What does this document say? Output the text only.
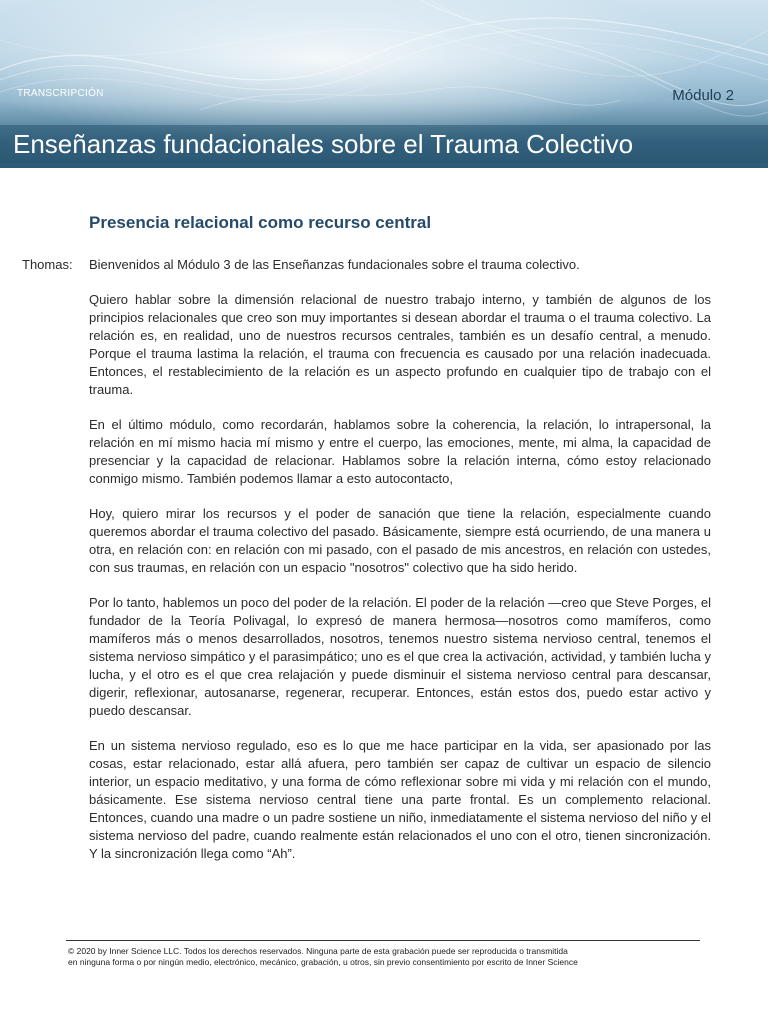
TRANSCRIPCIÓN	Módulo 2
Enseñanzas fundacionales sobre el Trauma Colectivo
Presencia relacional como recurso central
Thomas: Bienvenidos al Módulo 3 de las Enseñanzas fundacionales sobre el trauma colectivo.

Quiero hablar sobre la dimensión relacional de nuestro trabajo interno, y también de algunos de los principios relacionales que creo son muy importantes si desean abordar el trauma o el trauma colectivo. La relación es, en realidad, uno de nuestros recursos centrales, también es un desafío central, a menudo. Porque el trauma lastima la relación, el trauma con frecuencia es causado por una relación inadecuada. Entonces, el restablecimiento de la relación es un aspecto profundo en cualquier tipo de trabajo con el trauma.

En el último módulo, como recordarán, hablamos sobre la coherencia, la relación, lo intrapersonal, la relación en mí mismo hacia mí mismo y entre el cuerpo, las emociones, mente, mi alma, la capacidad de presenciar y la capacidad de relacionar. Hablamos sobre la relación interna, cómo estoy relacionado conmigo mismo. También podemos llamar a esto autocontacto,

Hoy, quiero mirar los recursos y el poder de sanación que tiene la relación, especialmente cuando queremos abordar el trauma colectivo del pasado. Básicamente, siempre está ocurriendo, de una manera u otra, en relación con: en relación con mi pasado, con el pasado de mis ancestros, en relación con ustedes, con sus traumas, en relación con un espacio "nosotros" colectivo que ha sido herido.

Por lo tanto, hablemos un poco del poder de la relación. El poder de la relación —creo que Steve Porges, el fundador de la Teoría Polivagal, lo expresó de manera hermosa—nosotros como mamíferos, como mamíferos más o menos desarrollados, nosotros, tenemos nuestro sistema nervioso central, tenemos el sistema nervioso simpático y el parasimpático; uno es el que crea la activación, actividad, y también lucha y lucha, y el otro es el que crea relajación y puede disminuir el sistema nervioso central para descansar, digerir, reflexionar, autosanarse, regenerar, recuperar. Entonces, están estos dos, puedo estar activo y puedo descansar.

En un sistema nervioso regulado, eso es lo que me hace participar en la vida, ser apasionado por las cosas, estar relacionado, estar allá afuera, pero también ser capaz de cultivar un espacio de silencio interior, un espacio meditativo, y una forma de cómo reflexionar sobre mi vida y mi relación con el mundo, básicamente. Ese sistema nervioso central tiene una parte frontal. Es un complemento relacional. Entonces, cuando una madre o un padre sostiene un niño, inmediatamente el sistema nervioso del niño y el sistema nervioso del padre, cuando realmente están relacionados el uno con el otro, tienen sincronización. Y la sincronización llega como “Ah”.

© 2020 by Inner Science LLC. Todos los derechos reservados. Ninguna parte de esta grabación puede ser reproducida o transmitida
en ninguna forma o por ningún medio, electrónico, mecánico, grabación, u otros, sin previo consentimiento por escrito de Inner Science
